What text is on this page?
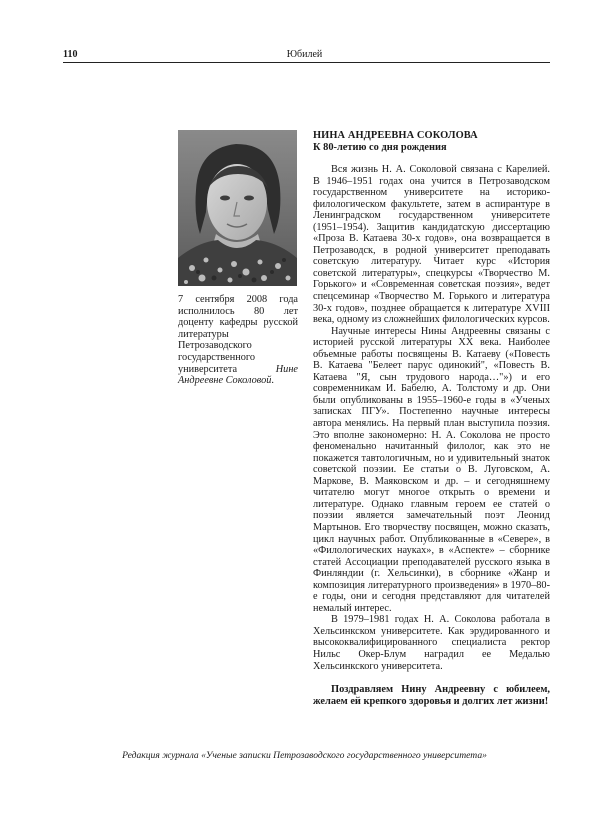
110	Юбилей
7 сентября 2008 года исполнилось 80 лет доценту кафедры русской литературы Петрозаводского государственного университета Нине Андреевне Соколовой.
НИНА АНДРЕЕВНА СОКОЛОВА
К 80-летию со дня рождения

Вся жизнь Н. А. Соколовой связана с Карелией. В 1946–1951 годах она учится в Петрозаводском государственном университете на историко-филологическом факультете, затем в аспирантуре в Ленинградском государственном университете (1951–1954). Защитив кандидатскую диссертацию «Проза В. Катаева 30-х годов», она возвращается в Петрозаводск, в родной университет преподавать советскую литературу. Читает курс «История советской литературы», спецкурсы «Творчество М. Горького» и «Современная советская поэзия», ведет спецсеминар «Творчество М. Горького и литература 30-х годов», позднее обращается к литературе XVIII века, одному из сложнейших филологических курсов.

Научные интересы Нины Андреевны связаны с историей русской литературы XX века. Наиболее объемные работы посвящены В. Катаеву («Повесть В. Катаева "Белеет парус одинокий", «Повесть В. Катаева "Я, сын трудового народа…"») и его современникам И. Бабелю, А. Толстому и др. Они были опубликованы в 1955–1960-е годы в «Ученых записках ПГУ». Постепенно научные интересы автора менялись. На первый план выступила поэзия. Это вполне закономерно: Н. А. Соколова не просто феноменально начитанный филолог, как это не покажется тавтологичным, но и удивительный знаток советской поэзии. Ее статьи о В. Луговском, А. Маркове, В. Маяковском и др. – и сегодняшнему читателю могут многое открыть о времени и литературе. Однако главным героем ее статей о поэзии является замечательный поэт Леонид Мартынов. Его творчеству посвящен, можно сказать, цикл научных работ. Опубликованные в «Севере», в «Филологических науках», в «Аспекте» – сборнике статей Ассоциации преподавателей русского языка в Финляндии (г. Хельсинки), в сборнике «Жанр и композиция литературного произведения» в 1970–80-е годы, они и сегодня представляют для читателей немалый интерес.

В 1979–1981 годах Н. А. Соколова работала в Хельсинкском университете. Как эрудированного и высококвалифицированного специалиста ректор Нильс Окер-Блум наградил ее Медалью Хельсинкского университета.

Поздравляем Нину Андреевну с юбилеем, желаем ей крепкого здоровья и долгих лет жизни!

Редакция журнала «Ученые записки Петрозаводского государственного университета»
